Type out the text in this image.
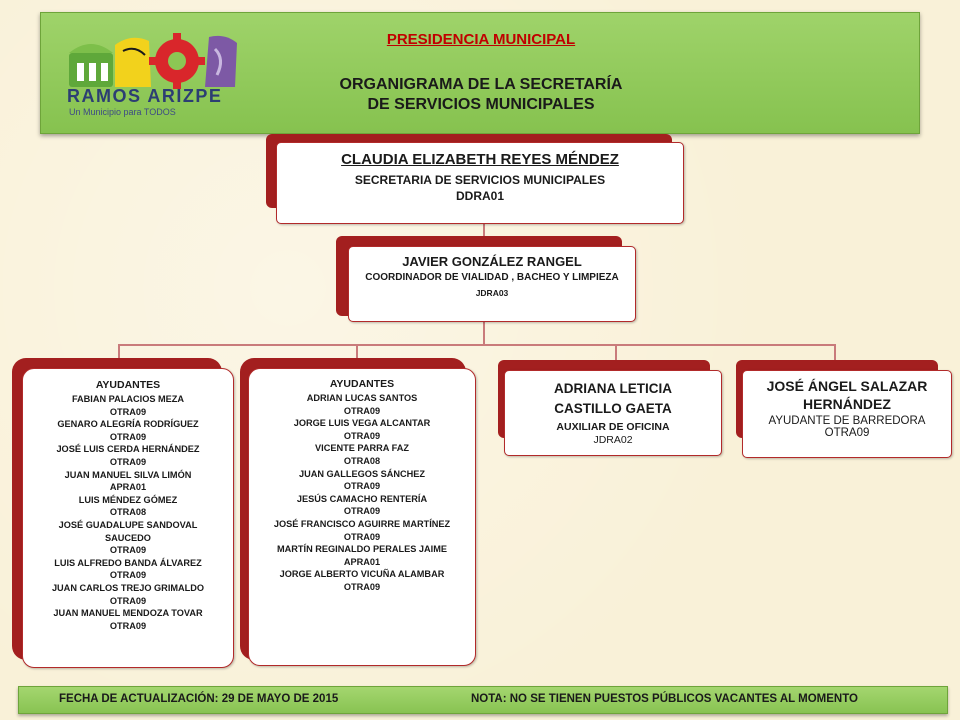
RAMOS ARIZPE
Un Municipio para TODOS
PRESIDENCIA MUNICIPAL
ORGANIGRAMA DE LA SECRETARÍA
DE SERVICIOS MUNICIPALES
CLAUDIA ELIZABETH REYES MÉNDEZ
SECRETARIA DE SERVICIOS MUNICIPALES
DDRA01
JAVIER GONZÁLEZ RANGEL
COORDINADOR DE VIALIDAD , BACHEO Y LIMPIEZA
JDRA03
AYUDANTES
FABIAN PALACIOS MEZA
OTRA09
GENARO ALEGRÍA RODRÍGUEZ
OTRA09
JOSÉ LUIS CERDA HERNÁNDEZ
OTRA09
JUAN MANUEL SILVA LIMÓN
APRA01
LUIS MÉNDEZ GÓMEZ
OTRA08
JOSÉ GUADALUPE SANDOVAL
SAUCEDO
OTRA09
LUIS ALFREDO BANDA ÁLVAREZ
OTRA09
JUAN CARLOS TREJO GRIMALDO
OTRA09
JUAN MANUEL MENDOZA TOVAR
OTRA09
AYUDANTES
ADRIAN LUCAS SANTOS
OTRA09
JORGE LUIS VEGA ALCANTAR
OTRA09
VICENTE PARRA FAZ
OTRA08
JUAN GALLEGOS SÁNCHEZ
OTRA09
JESÚS CAMACHO RENTERÍA
OTRA09
JOSÉ FRANCISCO AGUIRRE MARTÍNEZ
OTRA09
MARTÍN REGINALDO PERALES JAIME
APRA01
JORGE ALBERTO VICUÑA ALAMBAR
OTRA09
ADRIANA LETICIA
CASTILLO GAETA
AUXILIAR DE OFICINA
JDRA02
JOSÉ ÁNGEL SALAZAR
HERNÁNDEZ
AYUDANTE DE BARREDORA
OTRA09
FECHA DE ACTUALIZACIÓN: 29 DE MAYO DE 2015	NOTA: NO SE TIENEN PUESTOS PÚBLICOS VACANTES AL MOMENTO
